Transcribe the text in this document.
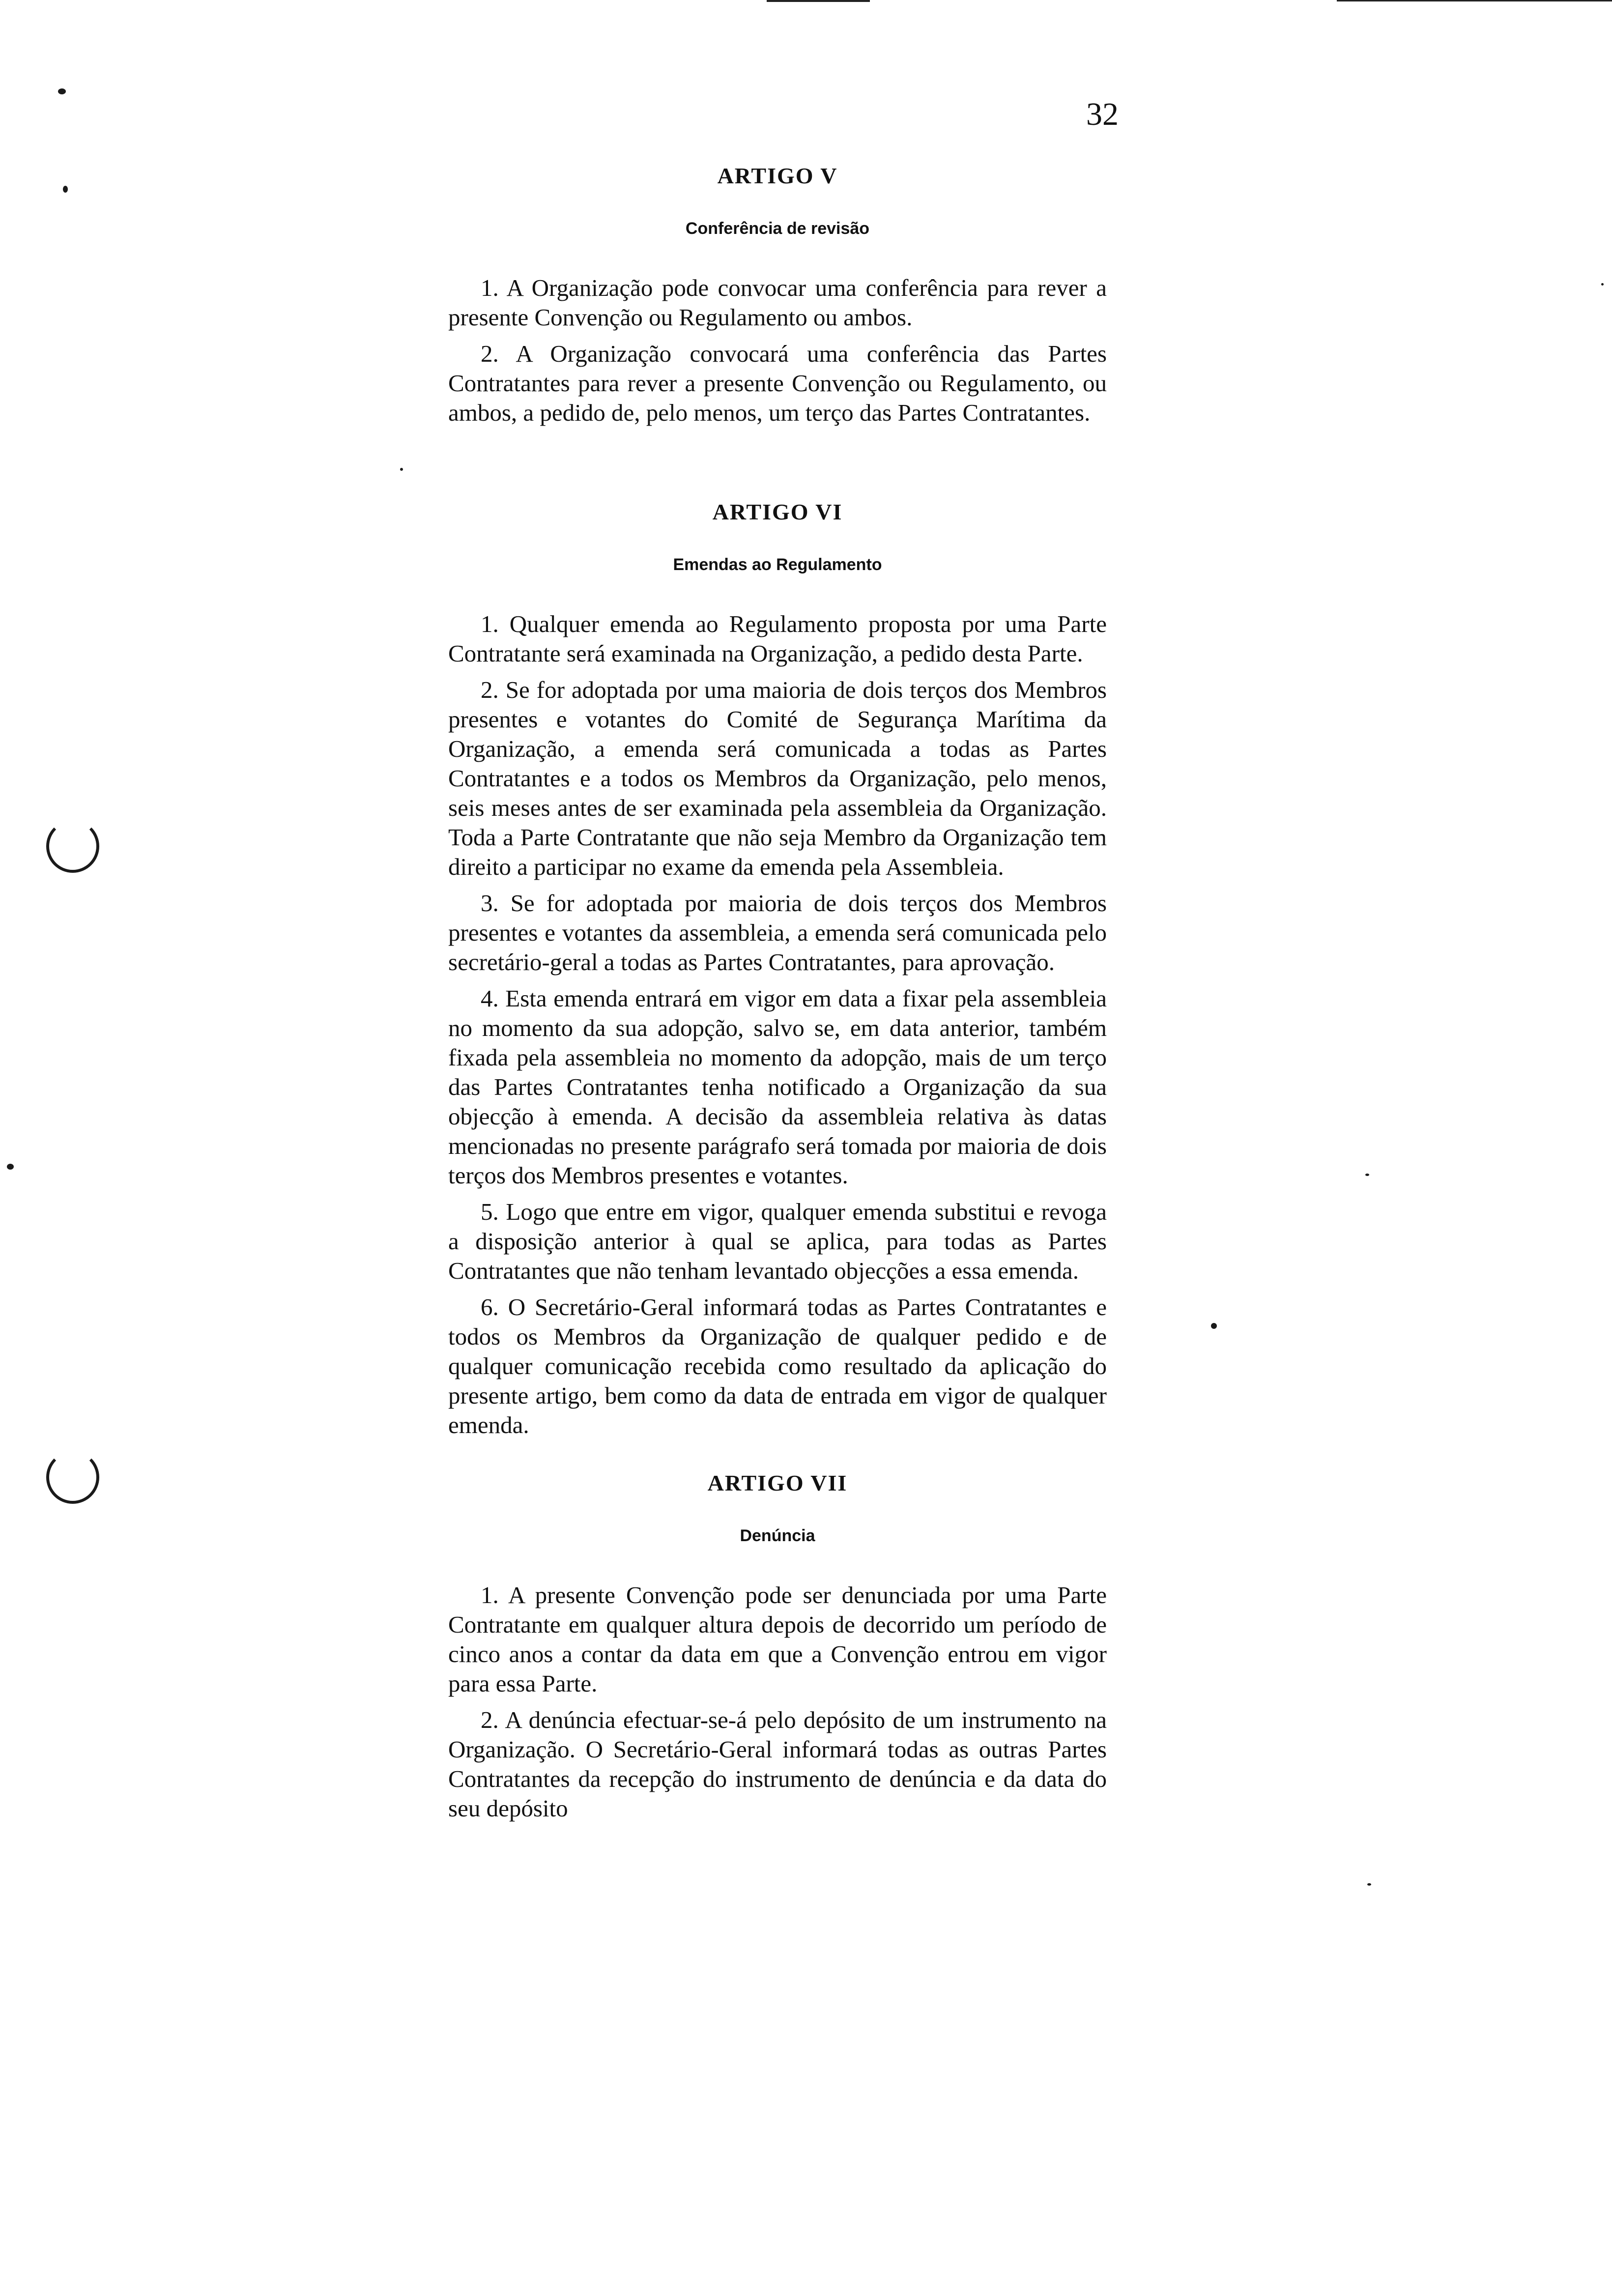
32
ARTIGO V
Conferência de revisão

1. A Organização pode convocar uma conferência para rever a presente Convenção ou Regulamento ou ambos.

2. A Organização convocará uma conferência das Partes Contratantes para rever a presente Convenção ou Regulamento, ou ambos, a pedido de, pelo menos, um terço das Partes Contratantes.

ARTIGO VI
Emendas ao Regulamento

1. Qualquer emenda ao Regulamento proposta por uma Parte Contratante será examinada na Organização, a pedido desta Parte.

2. Se for adoptada por uma maioria de dois terços dos Membros presentes e votantes do Comité de Segurança Marítima da Organização, a emenda será comunicada a todas as Partes Contratantes e a todos os Membros da Organização, pelo menos, seis meses antes de ser examinada pela assembleia da Organização. Toda a Parte Contratante que não seja Membro da Organização tem direito a participar no exame da emenda pela Assembleia.

3. Se for adoptada por maioria de dois terços dos Membros presentes e votantes da assembleia, a emenda será comunicada pelo secretário-geral a todas as Partes Contratantes, para aprovação.

4. Esta emenda entrará em vigor em data a fixar pela assembleia no momento da sua adopção, salvo se, em data anterior, também fixada pela assembleia no momento da adopção, mais de um terço das Partes Contratantes tenha notificado a Organização da sua objecção à emenda. A decisão da assembleia relativa às datas mencionadas no presente parágrafo será tomada por maioria de dois terços dos Membros presentes e votantes.

5. Logo que entre em vigor, qualquer emenda substitui e revoga a disposição anterior à qual se aplica, para todas as Partes Contratantes que não tenham levantado objecções a essa emenda.

6. O Secretário-Geral informará todas as Partes Contratantes e todos os Membros da Organização de qualquer pedido e de qualquer comunicação recebida como resultado da aplicação do presente artigo, bem como da data de entrada em vigor de qualquer emenda.

ARTIGO VII
Denúncia

1. A presente Convenção pode ser denunciada por uma Parte Contratante em qualquer altura depois de decorrido um período de cinco anos a contar da data em que a Convenção entrou em vigor para essa Parte.

2. A denúncia efectuar-se-á pelo depósito de um instrumento na Organização. O Secretário-Geral informará todas as outras Partes Contratantes da recepção do instrumento de denúncia e da data do seu depósito
